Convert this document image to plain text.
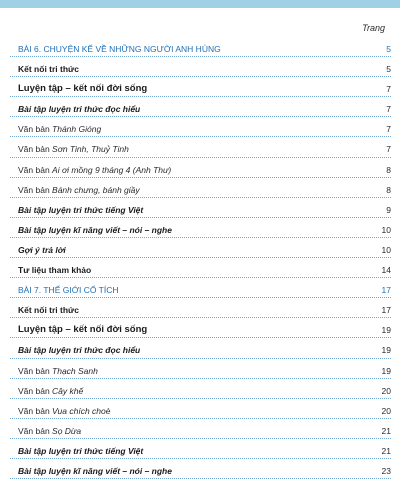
Trang
BÀI 6. CHUYỆN KỂ VỀ NHỮNG NGƯỜI ANH HÙNG	5
Kết nối tri thức	5
Luyện tập – kết nối đời sống	7
Bài tập luyện tri thức đọc hiểu	7
Văn bản Thánh Gióng	7
Văn bản Sơn Tinh, Thuỷ Tinh	7
Văn bản Ai ơi mồng 9 tháng 4 (Anh Thư)	8
Văn bản Bánh chưng, bánh giầy	8
Bài tập luyện tri thức tiếng Việt	9
Bài tập luyện kĩ năng viết – nói – nghe	10
Gợi ý trả lời	10
Tư liệu tham khảo	14
BÀI 7. THẾ GIỚI CỔ TÍCH	17
Kết nối tri thức	17
Luyện tập – kết nối đời sống	19
Bài tập luyện tri thức đọc hiểu	19
Văn bản Thạch Sanh	19
Văn bản Cây khế	20
Văn bản Vua chích choè	20
Văn bản Sọ Dừa	21
Bài tập luyện tri thức tiếng Việt	21
Bài tập luyện kĩ năng viết – nói – nghe	23
